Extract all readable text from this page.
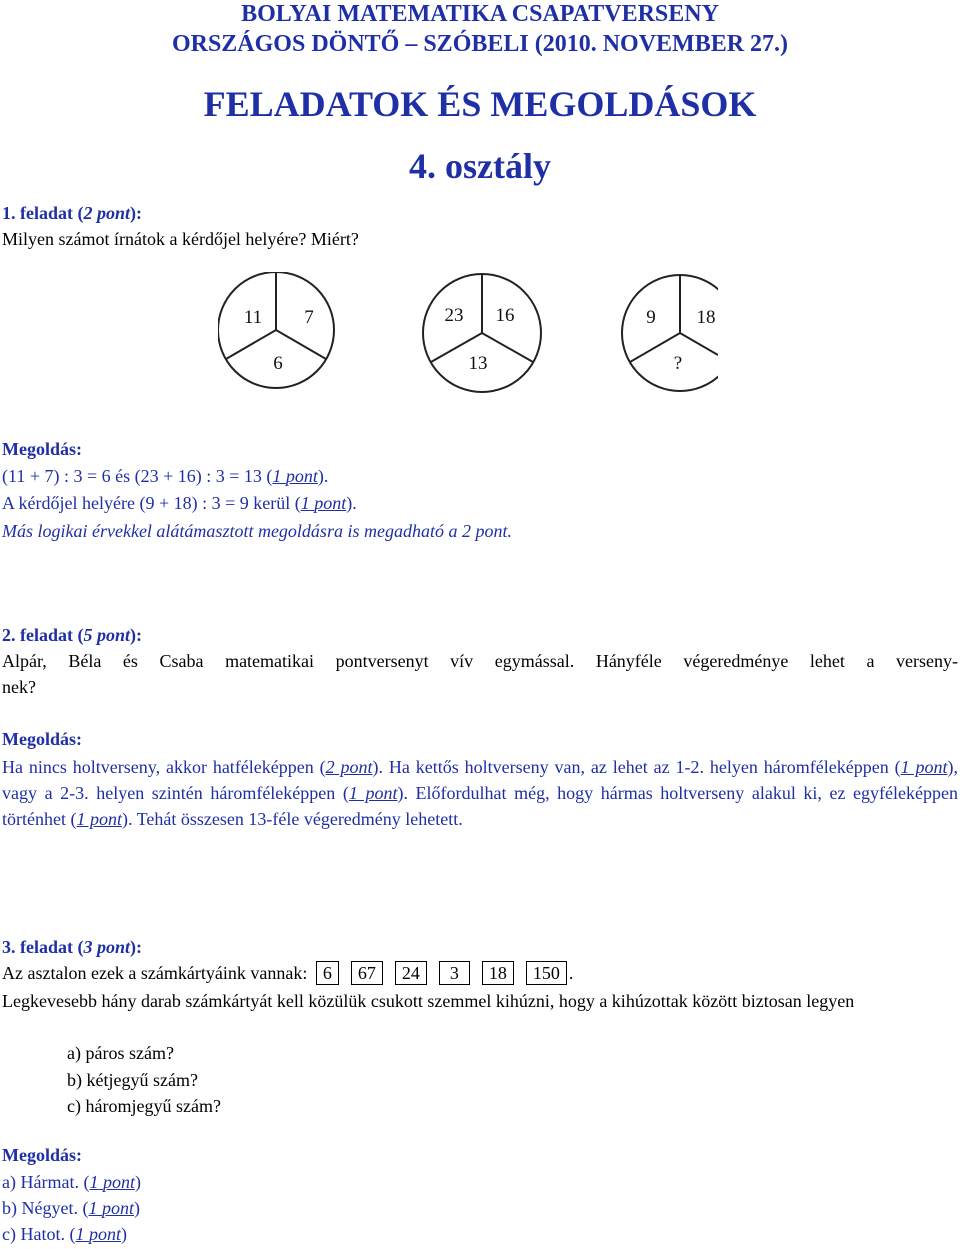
BOLYAI MATEMATIKA CSAPATVERSENY
ORSZÁGOS DÖNTŐ – SZÓBELI (2010. NOVEMBER 27.)
FELADATOK ÉS MEGOLDÁSOK
4. osztály
1. feladat (2 pont):
Milyen számot írnátok a kérdőjel helyére? Miért?
11 7
6
23 16
13
9 18
?
Megoldás:
(11 + 7) : 3 = 6 és (23 + 16) : 3 = 13 (1 pont).
A kérdőjel helyére (9 + 18) : 3 = 9 kerül (1 pont).
Más logikai érvekkel alátámasztott megoldásra is megadható a 2 pont.
2. feladat (5 pont):
Alpár, Béla és Csaba matematikai pontversenyt vív egymással. Hányféle végeredménye lehet a verseny-
nek?
Megoldás:
Ha nincs holtverseny, akkor hatféleképpen (2 pont). Ha kettős holtverseny van, az lehet az 1-2. helyen háromféleképpen (1 pont), vagy a 2-3. helyen szintén háromféleképpen (1 pont). Előfordulhat még, hogy hármas holtverseny alakul ki, ez egyféleképpen történhet (1 pont). Tehát összesen 13-féle végeredmény lehetett.
3. feladat (3 pont):
Az asztalon ezek a számkártyáink vannak: 6 67 24 3 18 150 .
Legkevesebb hány darab számkártyát kell közülük csukott szemmel kihúzni, hogy a kihúzottak között biztosan legyen
a) páros szám?
b) kétjegyű szám?
c) háromjegyű szám?
Megoldás:
a) Hármat. (1 pont)
b) Négyet. (1 pont)
c) Hatot. (1 pont)
